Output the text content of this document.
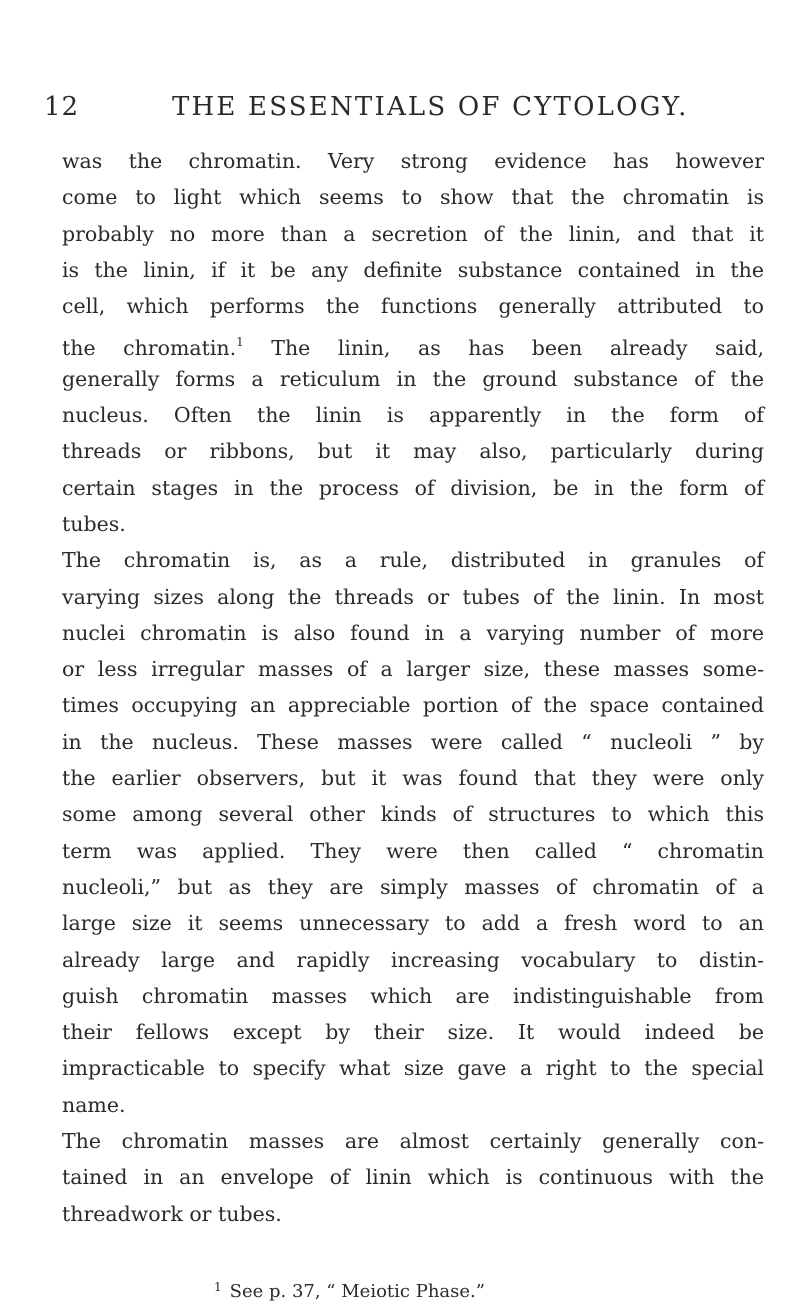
12	THE ESSENTIALS OF CYTOLOGY.
was the chromatin. Very strong evidence has however
come to light which seems to show that the chromatin is
probably no more than a secretion of the linin, and that it
is the linin, if it be any definite substance contained in the
cell, which performs the functions generally attributed to
the chromatin.$^1$ The linin, as has been already said,
generally forms a reticulum in the ground substance of the
nucleus. Often the linin is apparently in the form of
threads or ribbons, but it may also, particularly during
certain stages in the process of division, be in the form of
tubes.
The chromatin is, as a rule, distributed in granules of
varying sizes along the threads or tubes of the linin. In most
nuclei chromatin is also found in a varying number of more
or less irregular masses of a larger size, these masses some-
times occupying an appreciable portion of the space contained
in the nucleus. These masses were called “ nucleoli ” by
the earlier observers, but it was found that they were only
some among several other kinds of structures to which this
term was applied. They were then called “ chromatin
nucleoli,” but as they are simply masses of chromatin of a
large size it seems unnecessary to add a fresh word to an
already large and rapidly increasing vocabulary to distin-
guish chromatin masses which are indistinguishable from
their fellows except by their size. It would indeed be
impracticable to specify what size gave a right to the special
name.
The chromatin masses are almost certainly generally con-
tained in an envelope of linin which is continuous with the
threadwork or tubes.
$^1$ See p. 37, “ Meiotic Phase.”
